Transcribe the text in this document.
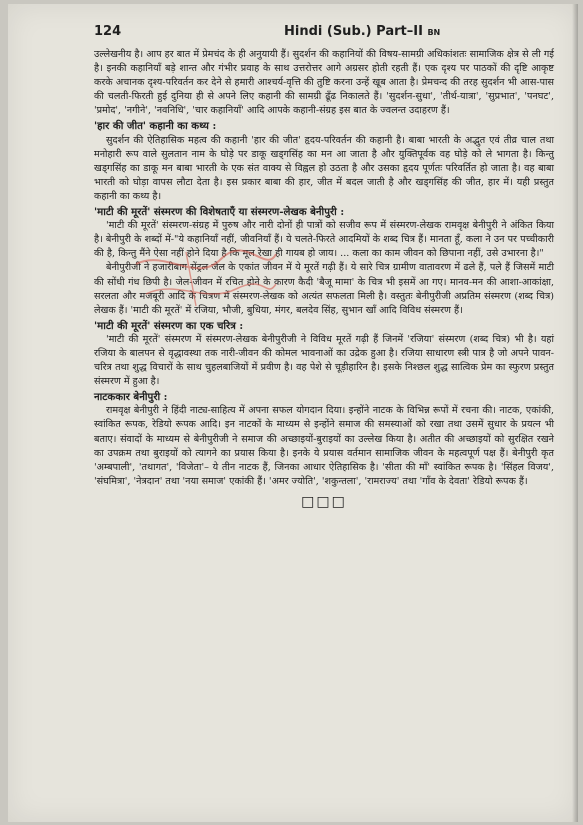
124	Hindi (Sub.) Part–II BN

उल्लेखनीय है। आप हर बात में प्रेमचंद के ही अनुयायी हैं। सुदर्शन की कहानियों की विषय-सामग्री अधिकांशतः सामाजिक क्षेत्र से ली गई है। इनकी कहानियाँ बड़े शान्त और गंभीर प्रवाह के साथ उत्तरोत्तर आगे अग्रसर होती रहती हैं। एक दृश्य पर पाठकों की दृष्टि आकृष्ट करके अचानक दृश्य-परिवर्तन कर देने से हमारी आश्चर्य-वृत्ति की तुष्टि करना उन्हें खूब आता है। प्रेमचन्द की तरह सुदर्शन भी आस-पास की चलती-फिरती हुई दुनिया ही से अपने लिए कहानी की सामग्री ढूँढ निकालते हैं। 'सुदर्शन-सुधा', 'तीर्थ-यात्रा', 'सुप्रभात', 'पनघट', 'प्रमोद', 'नगीने', 'नवनिधि', 'चार कहानियाँ' आदि आपके कहानी-संग्रह इस बात के ज्वलन्त उदाहरण हैं।

'हार की जीत' कहानी का कथ्य :

सुदर्शन की ऐतिहासिक महत्व की कहानी 'हार की जीत' हृदय-परिवर्तन की कहानी है। बाबा भारती के अद्भुत एवं तीव्र चाल तथा मनोहारी रूप वाले सुलतान नाम के घोड़े पर डाकू खड्गसिंह का मन आ जाता है और युक्तिपूर्वक वह घोड़े को ले भागता है। किन्तु खड्गसिंह का डाकू मन बाबा भारती के एक संत वाक्य से विह्वल हो उठता है और उसका हृदय पूर्णतः परिवर्तित हो जाता है। वह बाबा भारती को घोड़ा वापस लौटा देता है। इस प्रकार बाबा की हार, जीत में बदल जाती है और खड्गसिंह की जीत, हार में। यही प्रस्तुत कहानी का कथ्य है।

'माटी की मूरतें' संस्मरण की विशेषताएँ या संस्मरण-लेखक बेनीपुरी :

'माटी की मूरतें' संस्मरण-संग्रह में पुरुष और नारी दोनों ही पात्रों को सजीव रूप में संस्मरण-लेखक रामवृक्ष बेनीपुरी ने अंकित किया है। बेनीपुरी के शब्दों में-"ये कहानियाँ नहीं, जीवनियाँ हैं। ये चलते-फिरते आदमियों के शब्द चित्र हैं। मानता हूँ, कला ने उन पर पच्चीकारी की है, किन्तु मैंने ऐसा नहीं होने दिया है कि मूल रेखा ही गायब हो जाय। ... कला का काम जीवन को छिपाना नहीं, उसे उभारना है।"

बेनीपुरीजी ने हजारीबाग सेंट्रल जेल के एकांत जीवन में ये मूरतें गढ़ी हैं। ये सारे चित्र ग्रामीण वातावरण में ढले हैं, पले हैं जिसमें माटी की सोंधी गंध छिपी है। जेल-जीवन में रचित होने के कारण कैदी 'बैजू मामा' के चित्र भी इसमें आ गए। मानव-मन की आशा-आकांक्षा, सरलता और मजबूरी आदि के चित्रण में संस्मरण-लेखक को अत्यंत सफलता मिली है। वस्तुतः बेनीपुरीजी अप्रतिम संस्मरण (शब्द चित्र) लेखक हैं। 'माटी की मूरतें' में रजिया, भौजी, बुधिया, मंगर, बलदेव सिंह, सुभान खाँ आदि विविध संस्मरण हैं।

'माटी की मूरतें' संस्मरण का एक चरित्र :

'माटी की मूरतें' संस्मरण में संस्मरण-लेखक बेनीपुरीजी ने विविध मूरतें गढ़ी हैं जिनमें 'रजिया' संस्मरण (शब्द चित्र) भी है। यहां रजिया के बालपन से वृद्धावस्था तक नारी-जीवन की कोमल भावनाओं का उद्रेक हुआ है। रजिया साधारण स्त्री पात्र है जो अपने पावन-चरित्र तथा शुद्ध विचारों के साथ चुहलबाजियों में प्रवीण है। वह पेशे से चूड़ीहारिन है। इसके निश्छल शुद्ध सात्विक प्रेम का स्फुरण प्रस्तुत संस्मरण में हुआ है।

नाटककार बेनीपुरी :

रामवृक्ष बेनीपुरी ने हिंदी नाट्य-साहित्य में अपना सफल योगदान दिया। इन्होंने नाटक के विभिन्न रूपों में रचना की। नाटक, एकांकी, स्वांकित रूपक, रेडियो रूपक आदि। इन नाटकों के माध्यम से इन्होंने समाज की समस्याओं को रखा तथा उसमें सुधार के प्रयत्न भी बताए। संवादों के माध्यम से बेनीपुरीजी ने समाज की अच्छाइयों-बुराइयों का उल्लेख किया है। अतीत की अच्छाइयों को सुरक्षित रखने का उपक्रम तथा बुराइयों को त्यागने का प्रयास किया है। इनके ये प्रयास वर्तमान सामाजिक जीवन के महत्वपूर्ण पक्ष हैं। बेनीपुरी कृत 'अम्बपाली', 'तथागत', 'विजेता'– ये तीन नाटक हैं, जिनका आधार ऐतिहासिक है। 'सीता की माँ' स्वांकित रूपक है। 'सिंहल विजय', 'संघमित्रा', 'नेत्रदान' तथा 'नया समाज' एकांकी हैं। 'अमर ज्योति', 'शकुन्तला', 'रामराज्य' तथा 'गाँव के देवता' रेडियो रूपक हैं।

□□□
